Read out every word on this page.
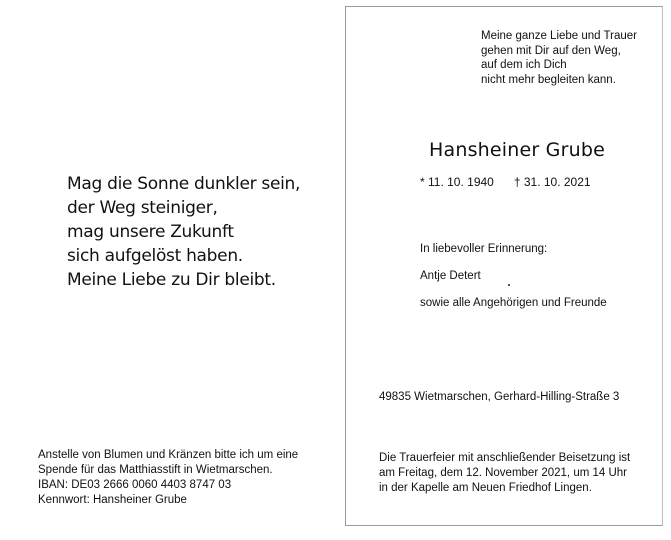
Mag die Sonne dunkler sein,
der Weg steiniger,
mag unsere Zukunft
sich aufgelöst haben.
Meine Liebe zu Dir bleibt.
Anstelle von Blumen und Kränzen bitte ich um eine
Spende für das Matthiasstift in Wietmarschen.
IBAN: DE03 2666 0060 4403 8747 03
Kennwort: Hansheiner Grube
Meine ganze Liebe und Trauer
gehen mit Dir auf den Weg,
auf dem ich Dich
nicht mehr begleiten kann.
Hansheiner Grube
* 11. 10. 1940 † 31. 10. 2021
In liebevoller Erinnerung:
Antje Detert
sowie alle Angehörigen und Freunde
49835 Wietmarschen, Gerhard-Hilling-Straße 3
Die Trauerfeier mit anschließender Beisetzung ist
am Freitag, dem 12. November 2021, um 14 Uhr
in der Kapelle am Neuen Friedhof Lingen.
